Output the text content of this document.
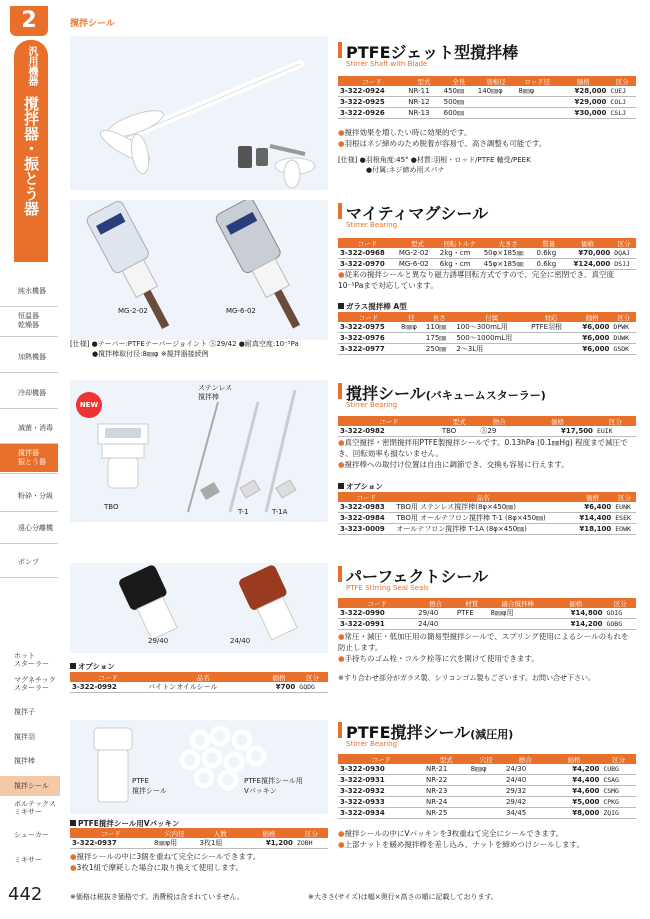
2
汎用機器
撹拌器・振とう器
純水機器
恒温器
乾燥器
加熱機器
冷却機器
滅菌・消毒
撹拌器
振とう器
粉砕・分級
遠心分離機
ポンプ
ホット
スターラー
マグネチック
スターラー
撹拌子
撹拌羽
撹拌棒
撹拌シール
ボルテックス
ミキサー
シェーカー
ミキサー
撹拌シール
PTFEジェット型撹拌棒
Stirrer Shaft with Blade
コード	型式	全長	羽根径	ロッド径	価格	区分
3-322-0924	NR-11	450㎜	140㎜φ	8㎜φ	¥28,000	CUEJ
3-322-0925	NR-12	500㎜			¥29,000	COLJ
3-322-0926	NR-13	600㎜			¥30,000	CSLJ
●撹拌効果を増したい時に効果的です。
●羽根はネジ締めのため脱着が容易で、高さ調整も可能です。
[仕様] ●羽根角度:45° ●材質:羽根・ロッド/PTFE 軸受/PEEK
●付属:ネジ締め用スパナ
MG-2-02	MG-6-02
[仕様] ●テーパー:PTFEテーパージョイント Ⓢ29/42 ●耐真空度:10⁻⁵Pa
●撹拌棒取付径:8㎜φ ※撹拌器接続例
マイティマグシール
Stirrer Bearing
コード	型式	回転トルク	大きさ	質量	価格	区分
3-322-0968	MG-2-02	2kg・cm	50φ×185㎜	0.6kg	¥70,000	DQAJ
3-322-0970	MG-6-02	6kg・cm	45φ×185㎜	0.6kg	¥124,000	DSJJ
●従来の撹拌シールと異なり磁力誘導回転方式ですので、完全に密閉でき、真空度10⁻⁵Paまで対応しています。
ガラス撹拌棒 A型
コード	径	長さ	付属	対応	価格	区分
3-322-0975	8㎜φ	110㎜	100～300mL用	PTFE羽根	¥6,000	DPWK
3-322-0976		175㎜	500～1000mL用		¥6,000	DUWK
3-322-0977		250㎜	2～3L用		¥6,000	GSDK
NEW
TBO
ステンレス
撹拌棒
T-1	T-1A
撹拌シール(バキュームスターラー)
Stirrer Bearing
コード	型式	擦合	価格	区分
3-322-0982	TBO	Ⓢ29	¥17,500	EUIK
●真空撹拌・密閉撹拌用PTFE製撹拌シールです。0.13hPa (0.1㎜Hg) 程度まで減圧でき、回転効率も損ないません。
●撹拌棒への取付け位置は自由に調節でき、交換も容易に行えます。
オプション
コード	品名	価格	区分
3-322-0983	TBO用 ステンレス撹拌棒(8φ×450㎜)	¥6,400	EUNK
3-322-0984	TBO用 オールテフロン撹拌棒 T-1 (8φ×450㎜)	¥14,400	ESEK
3-323-0009	オールテフロン撹拌棒 T-1A (8φ×450㎜)	¥18,100	EOWK
29/40	24/40
オプション
コード	品名	価格	区分
3-322-0992	パイトンオイルシール	¥700	GQDG
パーフェクトシール
PTFE Stirring Seal Seals
コード	擦合	材質	適合撹拌棒	価格	区分
3-322-0990	29/40	PTFE	8㎜φ用	¥14,800	GOIG
3-322-0991	24/40			¥14,200	GOBG
●常圧・減圧・低加圧用の簡易型撹拌シールで、スプリング使用によるシールのもれを防止します。
●手持ちのゴム栓・コルク栓等に穴を開けて使用できます。
※すり合わせ部分がガラス製、シリコンゴム製もございます。お問い合せ下さい。
PTFE
撹拌シール
PTFE撹拌シール用
Vパッキン
PTFE撹拌シール用Vパッキン
コード	穴内径	入数	価格	区分
3-322-0937	8㎜φ用	3枚1組	¥1,200	ZOBH
●撹拌シールの中に3個を重ねて完全にシールできます。
●3枚1組で摩耗した場合に取り換えて使用します。
PTFE撹拌シール(減圧用)
Stirrer Bearing
コード	型式	穴径	擦合	価格	区分
3-322-0930	NR-21	8㎜φ	24/30	¥4,200	CUBG
3-322-0931	NR-22		24/40	¥4,400	CSAG
3-322-0932	NR-23		29/32	¥4,600	CSMG
3-322-0933	NR-24		29/42	¥5,000	CPKG
3-322-0934	NR-25		34/45	¥8,000	ZQIG
●撹拌シールの中にVパッキンを3枚重ねて完全にシールできます。
●上部ナットを緩め撹拌棒を差し込み、ナットを締めつけシールします。
442	※価格は税抜き価格です。消費税は含まれていません。	※大きさ(サイズ)は幅×奥行×高さの順に記載しております。
